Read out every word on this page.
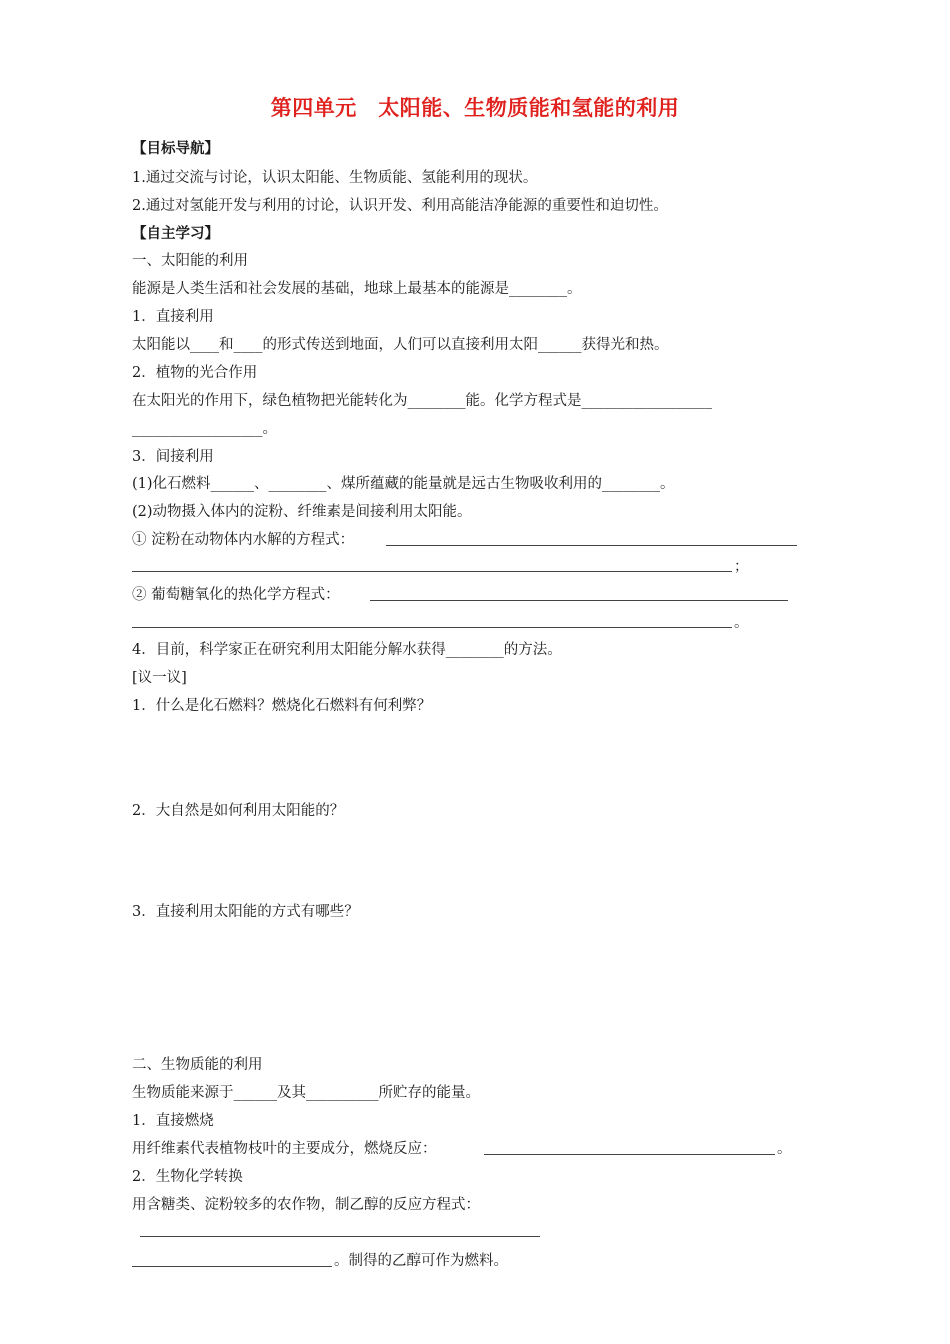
第四单元　太阳能、生物质能和氢能的利用
【目标导航】
1.通过交流与讨论，认识太阳能、生物质能、氢能利用的现状。
2.通过对氢能开发与利用的讨论，认识开发、利用高能洁净能源的重要性和迫切性。
【自主学习】
一、太阳能的利用
能源是人类生活和社会发展的基础，地球上最基本的能源是________。
1．直接利用
太阳能以____和____的形式传送到地面，人们可以直接利用太阳______获得光和热。
2．植物的光合作用
在太阳光的作用下，绿色植物把光能转化为________能。化学方程式是__________________
__________________。
3．间接利用
(1)化石燃料______、________、煤所蕴藏的能量就是远古生物吸收利用的________。
(2)动物摄入体内的淀粉、纤维素是间接利用太阳能。
① 淀粉在动物体内水解的方程式：
；
② 葡萄糖氧化的热化学方程式：
。
4．目前，科学家正在研究利用太阳能分解水获得________的方法。
[议一议]
1．什么是化石燃料？燃烧化石燃料有何利弊？
2．大自然是如何利用太阳能的？
3．直接利用太阳能的方式有哪些？
二、生物质能的利用
生物质能来源于______及其__________所贮存的能量。
1．直接燃烧
用纤维素代表植物枝叶的主要成分，燃烧反应：	。
2．生物化学转换
用含糖类、淀粉较多的农作物，制乙醇的反应方程式：
。制得的乙醇可作为燃料。
